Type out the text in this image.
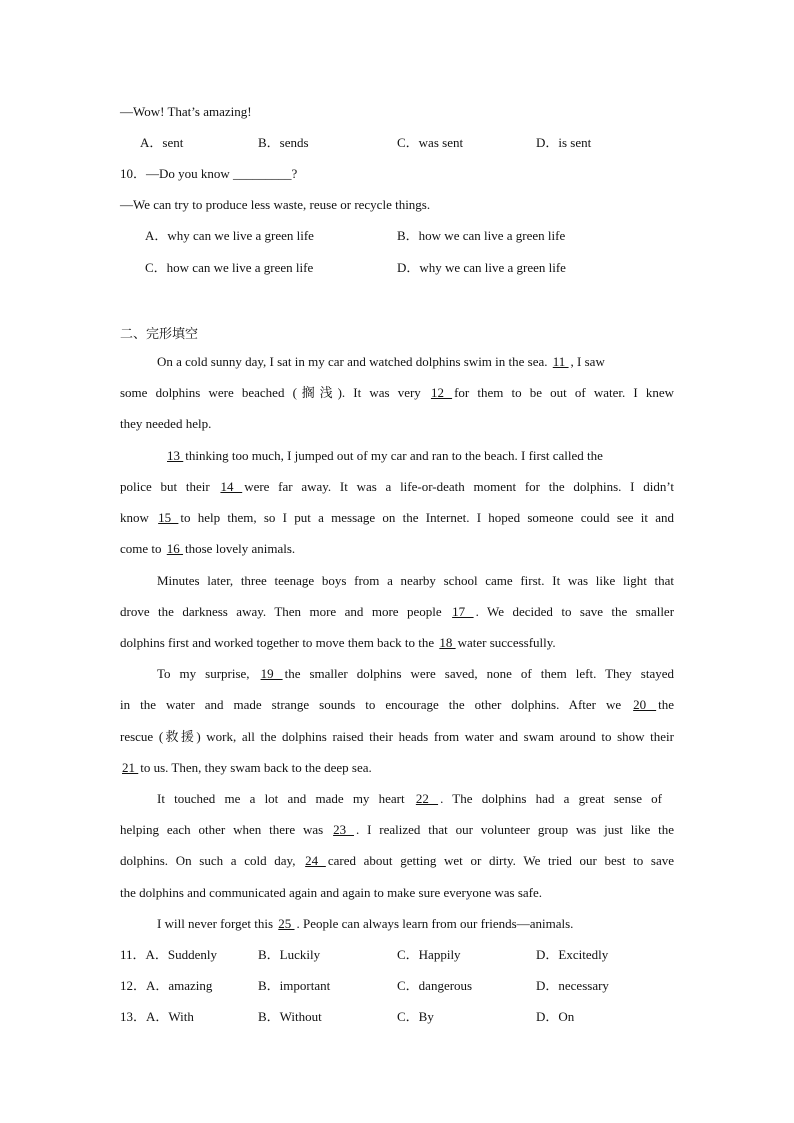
—Wow! That’s amazing!
A．sent	B．sends	C．was sent	D．is sent
10．—Do you know _________?
—We can try to produce less waste, reuse or recycle things.
A．why can we live a green life	B．how we can live a green life
C．how can we live a green life	D．why we can live a green life
二、完形填空
On a cold sunny day, I sat in my car and watched dolphins swim in the sea. 11 , I saw
some dolphins were beached (搁浅). It was very 12 for them to be out of water. I knew
they needed help.
13 thinking too much, I jumped out of my car and ran to the beach. I first called the
police but their 14 were far away. It was a life-or-death moment for the dolphins. I didn’t
know 15 to help them, so I put a message on the Internet. I hoped someone could see it and
come to 16 those lovely animals.
Minutes later, three teenage boys from a nearby school came first. It was like light that
drove the darkness away. Then more and more people 17 . We decided to save the smaller
dolphins first and worked together to move them back to the 18 water successfully.
To my surprise, 19 the smaller dolphins were saved, none of them left. They stayed
in the water and made strange sounds to encourage the other dolphins. After we 20 the
rescue (救援) work, all the dolphins raised their heads from water and swam around to show their
21 to us. Then, they swam back to the deep sea.
It touched me a lot and made my heart 22 . The dolphins had a great sense of
helping each other when there was 23 . I realized that our volunteer group was just like the
dolphins. On such a cold day, 24 cared about getting wet or dirty. We tried our best to save
the dolphins and communicated again and again to make sure everyone was safe.
I will never forget this 25 . People can always learn from our friends—animals.
11．A．Suddenly	B．Luckily	C．Happily	D．Excitedly
12．A．amazing	B．important	C．dangerous	D．necessary
13．A．With	B．Without	C．By	D．On
